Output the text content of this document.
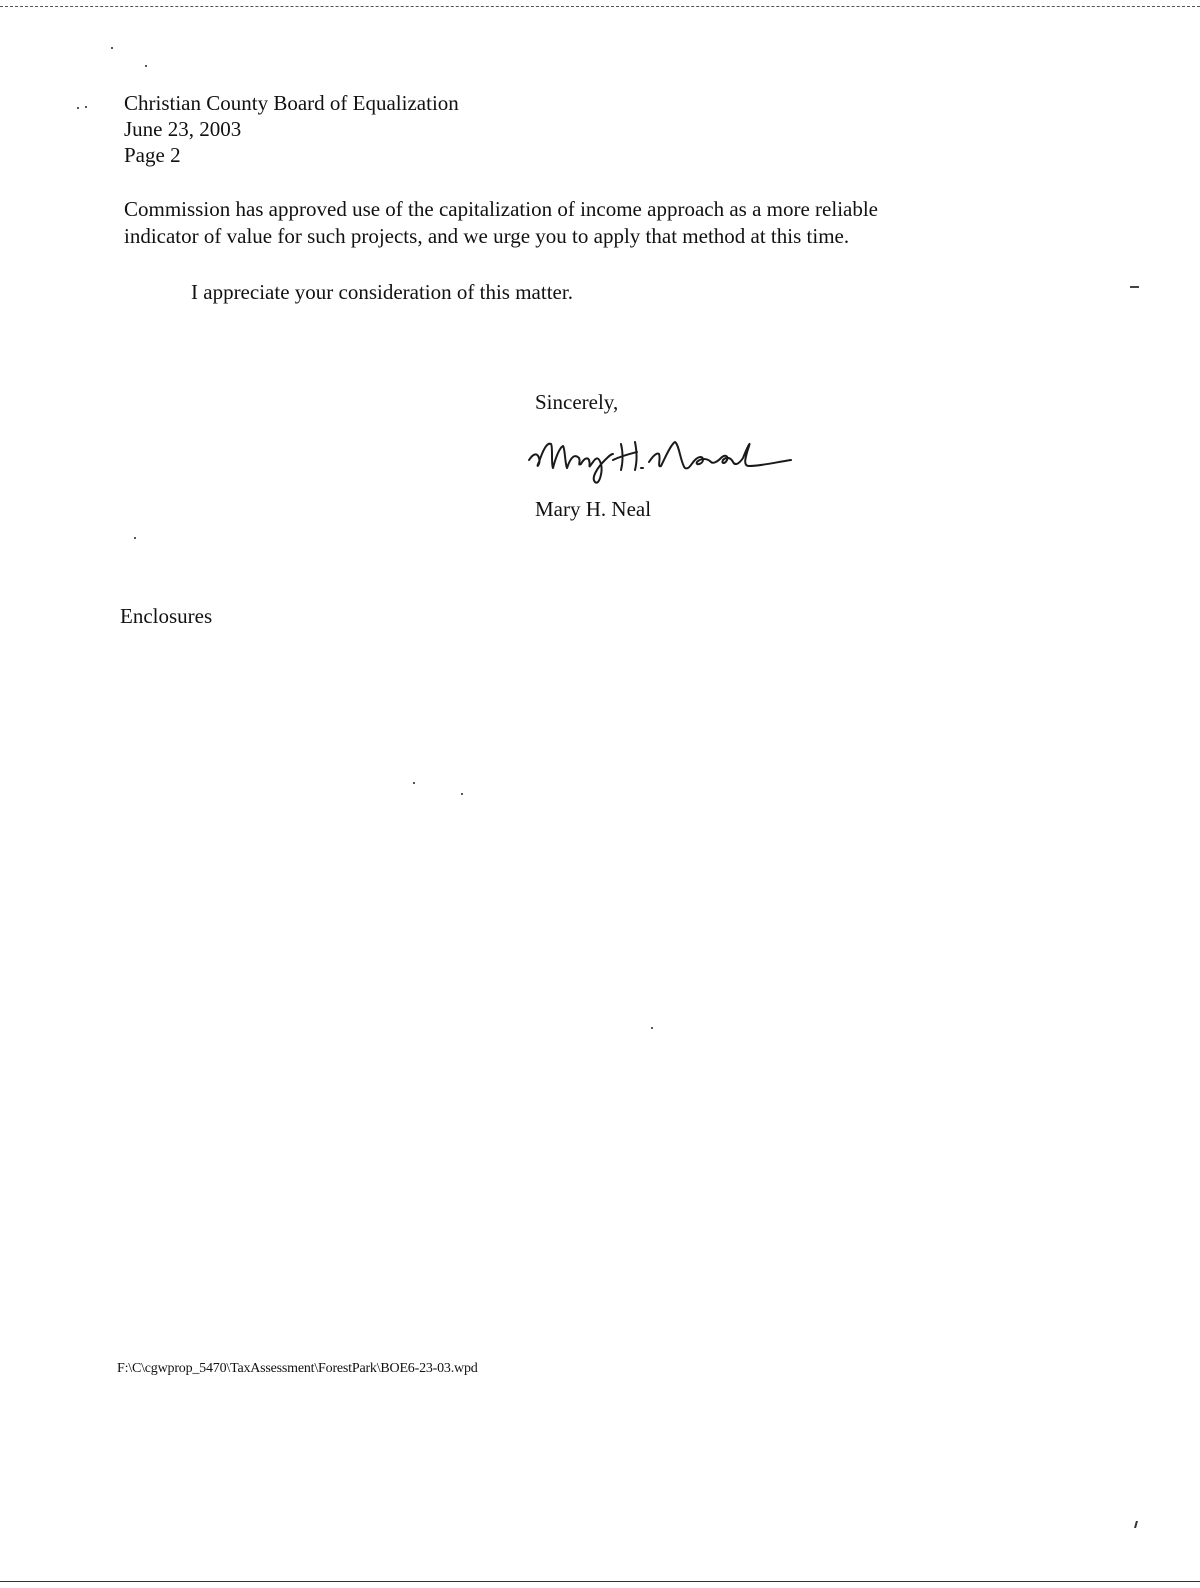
Christian County Board of Equalization
June 23, 2003
Page 2
Commission has approved use of the capitalization of income approach as a more reliable
indicator of value for such projects, and we urge you to apply that method at this time.
I appreciate your consideration of this matter.
Sincerely,
Mary H. Neal
Enclosures
F:\C\cgwprop_5470\TaxAssessment\ForestPark\BOE6-23-03.wpd
